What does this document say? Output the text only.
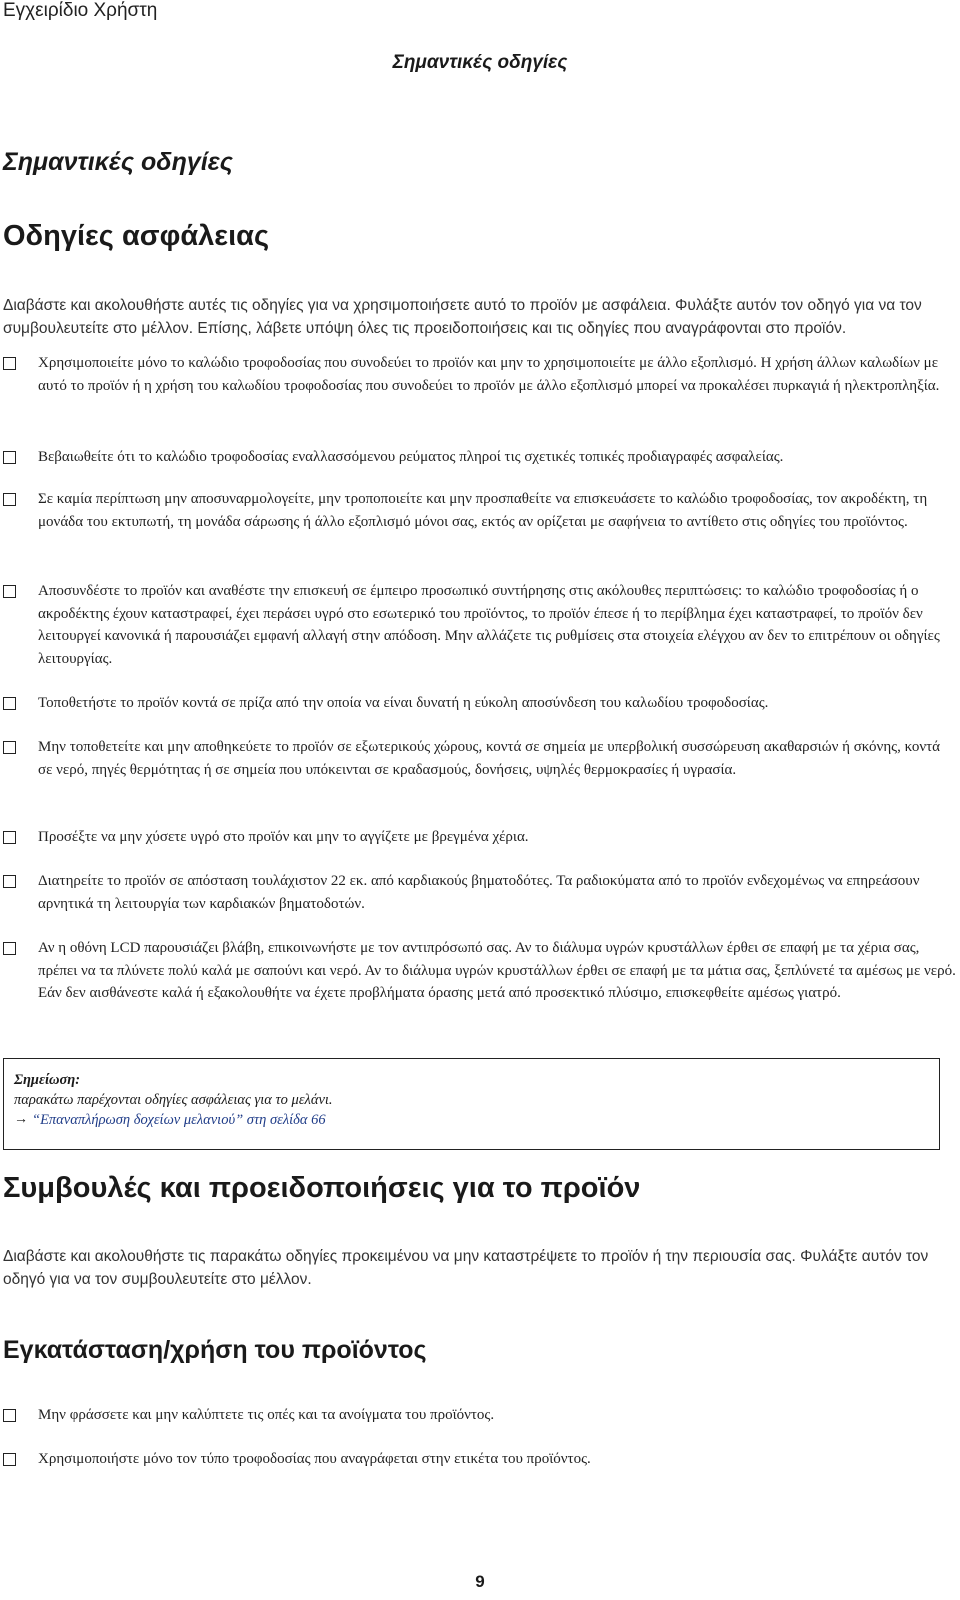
Εγχειρίδιο Χρήστη
Σημαντικές οδηγίες
Σημαντικές οδηγίες
Οδηγίες ασφάλειας
Διαβάστε και ακολουθήστε αυτές τις οδηγίες για να χρησιμοποιήσετε αυτό το προϊόν με ασφάλεια. Φυλάξτε αυτόν τον οδηγό για να τον συμβουλευτείτε στο μέλλον. Επίσης, λάβετε υπόψη όλες τις προειδοποιήσεις και τις οδηγίες που αναγράφονται στο προϊόν.
Χρησιμοποιείτε μόνο το καλώδιο τροφοδοσίας που συνοδεύει το προϊόν και μην το χρησιμοποιείτε με άλλο εξοπλισμό. Η χρήση άλλων καλωδίων με αυτό το προϊόν ή η χρήση του καλωδίου τροφοδοσίας που συνοδεύει το προϊόν με άλλο εξοπλισμό μπορεί να προκαλέσει πυρκαγιά ή ηλεκτροπληξία.
Βεβαιωθείτε ότι το καλώδιο τροφοδοσίας εναλλασσόμενου ρεύματος πληροί τις σχετικές τοπικές προδιαγραφές ασφαλείας.
Σε καμία περίπτωση μην αποσυναρμολογείτε, μην τροποποιείτε και μην προσπαθείτε να επισκευάσετε το καλώδιο τροφοδοσίας, τον ακροδέκτη, τη μονάδα του εκτυπωτή, τη μονάδα σάρωσης ή άλλο εξοπλισμό μόνοι σας, εκτός αν ορίζεται με σαφήνεια το αντίθετο στις οδηγίες του προϊόντος.
Αποσυνδέστε το προϊόν και αναθέστε την επισκευή σε έμπειρο προσωπικό συντήρησης στις ακόλουθες περιπτώσεις: το καλώδιο τροφοδοσίας ή ο ακροδέκτης έχουν καταστραφεί, έχει περάσει υγρό στο εσωτερικό του προϊόντος, το προϊόν έπεσε ή το περίβλημα έχει καταστραφεί, το προϊόν δεν λειτουργεί κανονικά ή παρουσιάζει εμφανή αλλαγή στην απόδοση. Μην αλλάζετε τις ρυθμίσεις στα στοιχεία ελέγχου αν δεν το επιτρέπουν οι οδηγίες λειτουργίας.
Τοποθετήστε το προϊόν κοντά σε πρίζα από την οποία να είναι δυνατή η εύκολη αποσύνδεση του καλωδίου τροφοδοσίας.
Μην τοποθετείτε και μην αποθηκεύετε το προϊόν σε εξωτερικούς χώρους, κοντά σε σημεία με υπερβολική συσσώρευση ακαθαρσιών ή σκόνης, κοντά σε νερό, πηγές θερμότητας ή σε σημεία που υπόκεινται σε κραδασμούς, δονήσεις, υψηλές θερμοκρασίες ή υγρασία.
Προσέξτε να μην χύσετε υγρό στο προϊόν και μην το αγγίζετε με βρεγμένα χέρια.
Διατηρείτε το προϊόν σε απόσταση τουλάχιστον 22 εκ. από καρδιακούς βηματοδότες. Τα ραδιοκύματα από το προϊόν ενδεχομένως να επηρεάσουν αρνητικά τη λειτουργία των καρδιακών βηματοδοτών.
Αν η οθόνη LCD παρουσιάζει βλάβη, επικοινωνήστε με τον αντιπρόσωπό σας. Αν το διάλυμα υγρών κρυστάλλων έρθει σε επαφή με τα χέρια σας, πρέπει να τα πλύνετε πολύ καλά με σαπούνι και νερό. Αν το διάλυμα υγρών κρυστάλλων έρθει σε επαφή με τα μάτια σας, ξεπλύνετέ τα αμέσως με νερό. Εάν δεν αισθάνεστε καλά ή εξακολουθήτε να έχετε προβλήματα όρασης μετά από προσεκτικό πλύσιμο, επισκεφθείτε αμέσως γιατρό.
Σημείωση:
παρακάτω παρέχονται οδηγίες ασφάλειας για το μελάνι.
→ “Επαναπλήρωση δοχείων μελανιού” στη σελίδα 66
Συμβουλές και προειδοποιήσεις για το προϊόν
Διαβάστε και ακολουθήστε τις παρακάτω οδηγίες προκειμένου να μην καταστρέψετε το προϊόν ή την περιουσία σας. Φυλάξτε αυτόν τον οδηγό για να τον συμβουλευτείτε στο μέλλον.
Εγκατάσταση/χρήση του προϊόντος
Μην φράσσετε και μην καλύπτετε τις οπές και τα ανοίγματα του προϊόντος.
Χρησιμοποιήστε μόνο τον τύπο τροφοδοσίας που αναγράφεται στην ετικέτα του προϊόντος.
9
